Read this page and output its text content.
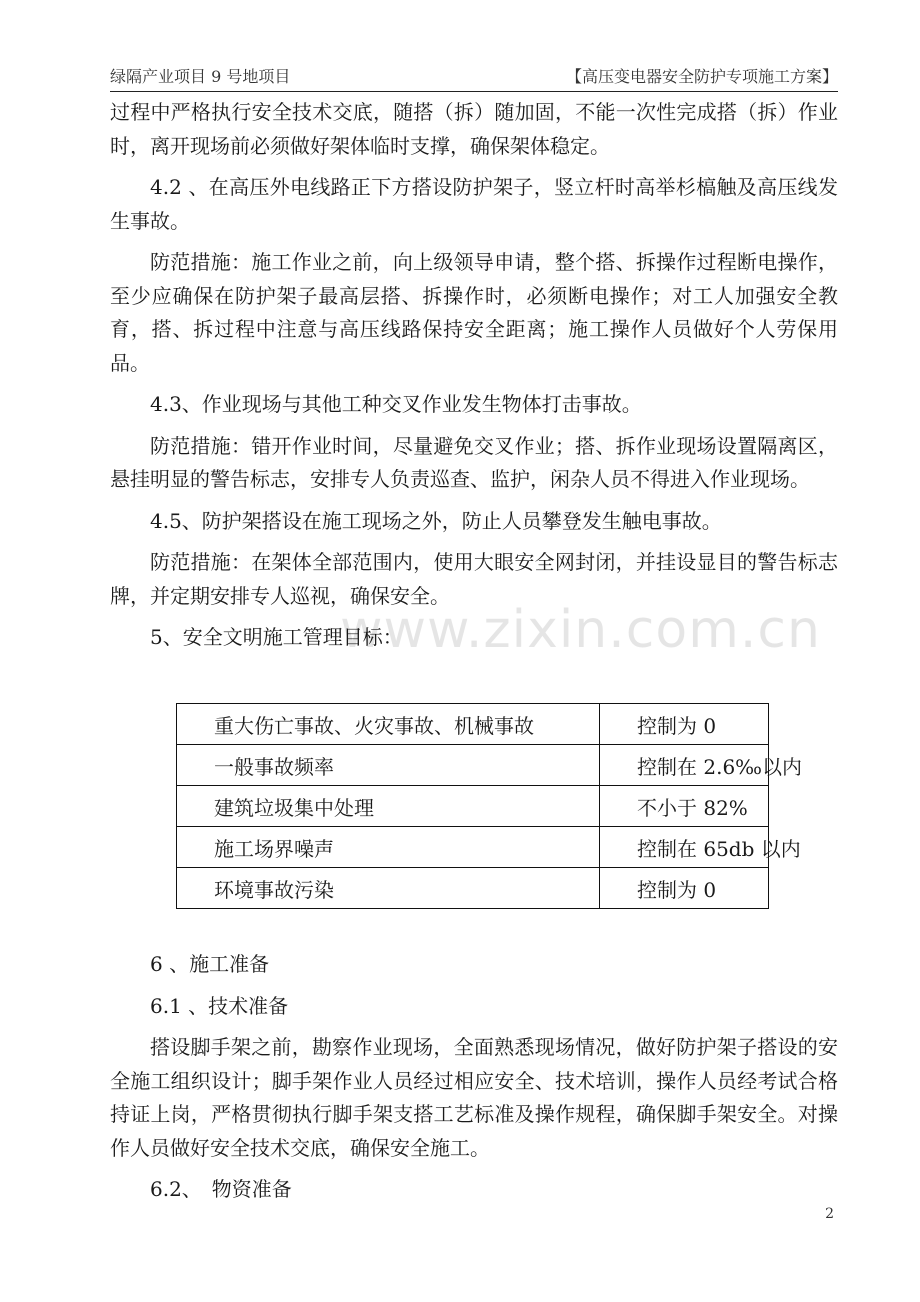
绿隔产业项目 9 号地项目	【高压变电器安全防护专项施工方案】

过程中严格执行安全技术交底，随搭（拆）随加固，不能一次性完成搭（拆）作业时，离开现场前必须做好架体临时支撑，确保架体稳定。

4.2 、在高压外电线路正下方搭设防护架子，竖立杆时高举杉槁触及高压线发生事故。

防范措施：施工作业之前，向上级领导申请，整个搭、拆操作过程断电操作，至少应确保在防护架子最高层搭、拆操作时，必须断电操作；对工人加强安全教育，搭、拆过程中注意与高压线路保持安全距离；施工操作人员做好个人劳保用品。

4.3、作业现场与其他工种交叉作业发生物体打击事故。

防范措施：错开作业时间，尽量避免交叉作业；搭、拆作业现场设置隔离区，悬挂明显的警告标志，安排专人负责巡查、监护，闲杂人员不得进入作业现场。

4.5、防护架搭设在施工现场之外，防止人员攀登发生触电事故。

防范措施：在架体全部范围内，使用大眼安全网封闭，并挂设显目的警告标志牌，并定期安排专人巡视，确保安全。

5、安全文明施工管理目标：

www.zixin.com.cn
重大伤亡事故、火灾事故、机械事故	控制为 0
一般事故频率	控制在 2.6‰以内
建筑垃圾集中处理	不小于 82%
施工场界噪声	控制在 65db 以内
环境事故污染	控制为 0

6 、施工准备

6.1 、技术准备

搭设脚手架之前，勘察作业现场，全面熟悉现场情况，做好防护架子搭设的安全施工组织设计；脚手架作业人员经过相应安全、技术培训，操作人员经考试合格持证上岗，严格贯彻执行脚手架支搭工艺标准及操作规程，确保脚手架安全。对操作人员做好安全技术交底，确保安全施工。

6.2、　物资准备

2
